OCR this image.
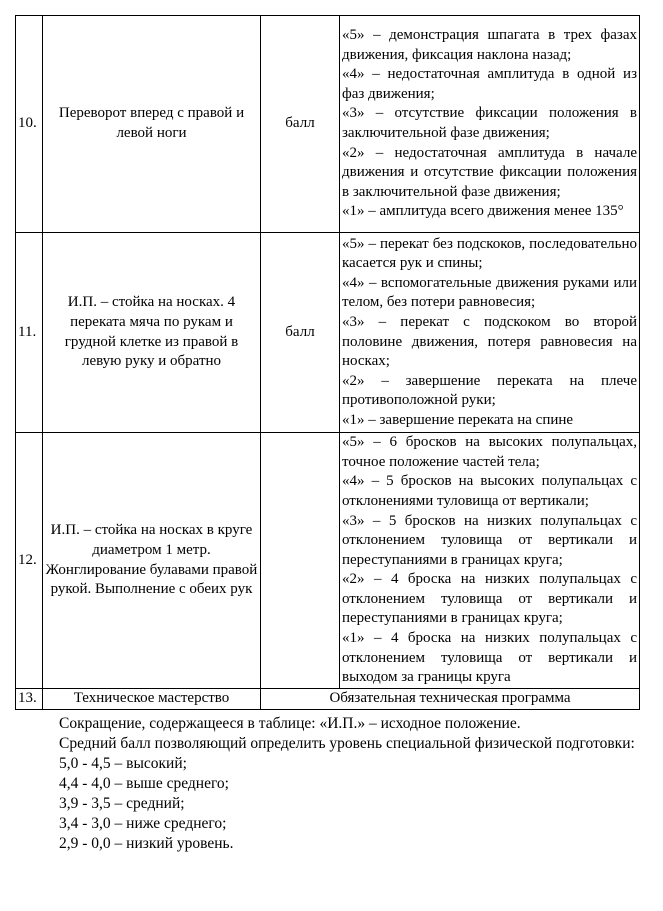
10.	Переворот вперед с правой и левой ноги	балл	«5» – демонстрация шпагата в трех фазах движения, фиксация наклона назад;
«4» – недостаточная амплитуда в одной из фаз движения;
«3» – отсутствие фиксации положения в заключительной фазе движения;
«2» – недостаточная амплитуда в начале движения и отсутствие фиксации положения в заключительной фазе движения;
«1» – амплитуда всего движения менее 135°

11.	И.П. – стойка на носках. 4 переката мяча по рукам и грудной клетке из правой в левую руку и обратно	балл	«5» – перекат без подскоков, последовательно касается рук и спины;
«4» – вспомогательные движения руками или телом, без потери равновесия;
«3» – перекат с подскоком во второй половине движения, потеря равновесия на носках;
«2» – завершение переката на плече противоположной руки;
«1» – завершение переката на спине

12.	И.П. – стойка на носках в круге диаметром 1 метр. Жонглирование булавами правой рукой. Выполнение с обеих рук		«5» – 6 бросков на высоких полупальцах, точное положение частей тела;
«4» – 5 бросков на высоких полупальцах с отклонениями туловища от вертикали;
«3» – 5 бросков на низких полупальцах с отклонением туловища от вертикали и переступаниями в границах круга;
«2» – 4 броска на низких полупальцах с отклонением туловища от вертикали и переступаниями в границах круга;
«1» – 4 броска на низких полупальцах с отклонением туловища от вертикали и выходом за границы круга

13.	Техническое мастерство	Обязательная техническая программа	
Сокращение, содержащееся в таблице: «И.П.» – исходное положение.
Средний балл позволяющий определить уровень специальной физической подготовки:
5,0 - 4,5 – высокий;
4,4 - 4,0 – выше среднего;
3,9 - 3,5 – средний;
3,4 - 3,0 – ниже среднего;
2,9 - 0,0 – низкий уровень.
